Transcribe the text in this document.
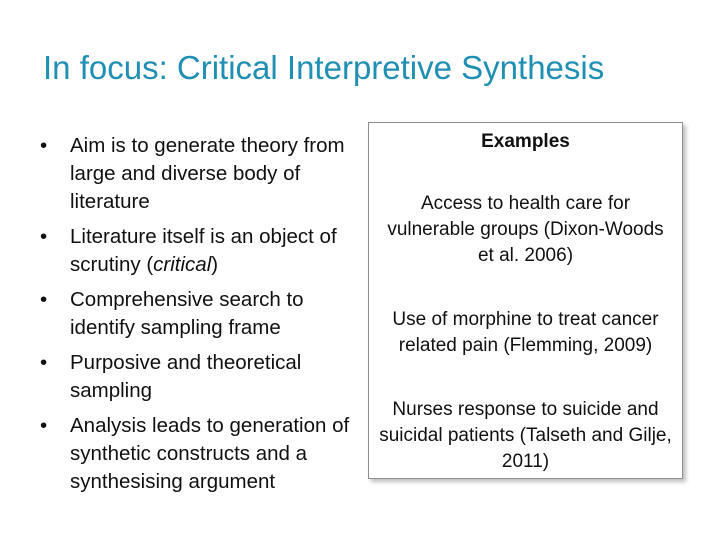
In focus: Critical Interpretive Synthesis
• Aim is to generate theory from large and diverse body of literature
• Literature itself is an object of scrutiny (critical)
• Comprehensive search to identify sampling frame
• Purposive and theoretical sampling
• Analysis leads to generation of synthetic constructs and a synthesising argument
Examples
Access to health care for vulnerable groups (Dixon-Woods et al. 2006)
Use of morphine to treat cancer related pain (Flemming, 2009)
Nurses response to suicide and suicidal patients (Talseth and Gilje, 2011)
